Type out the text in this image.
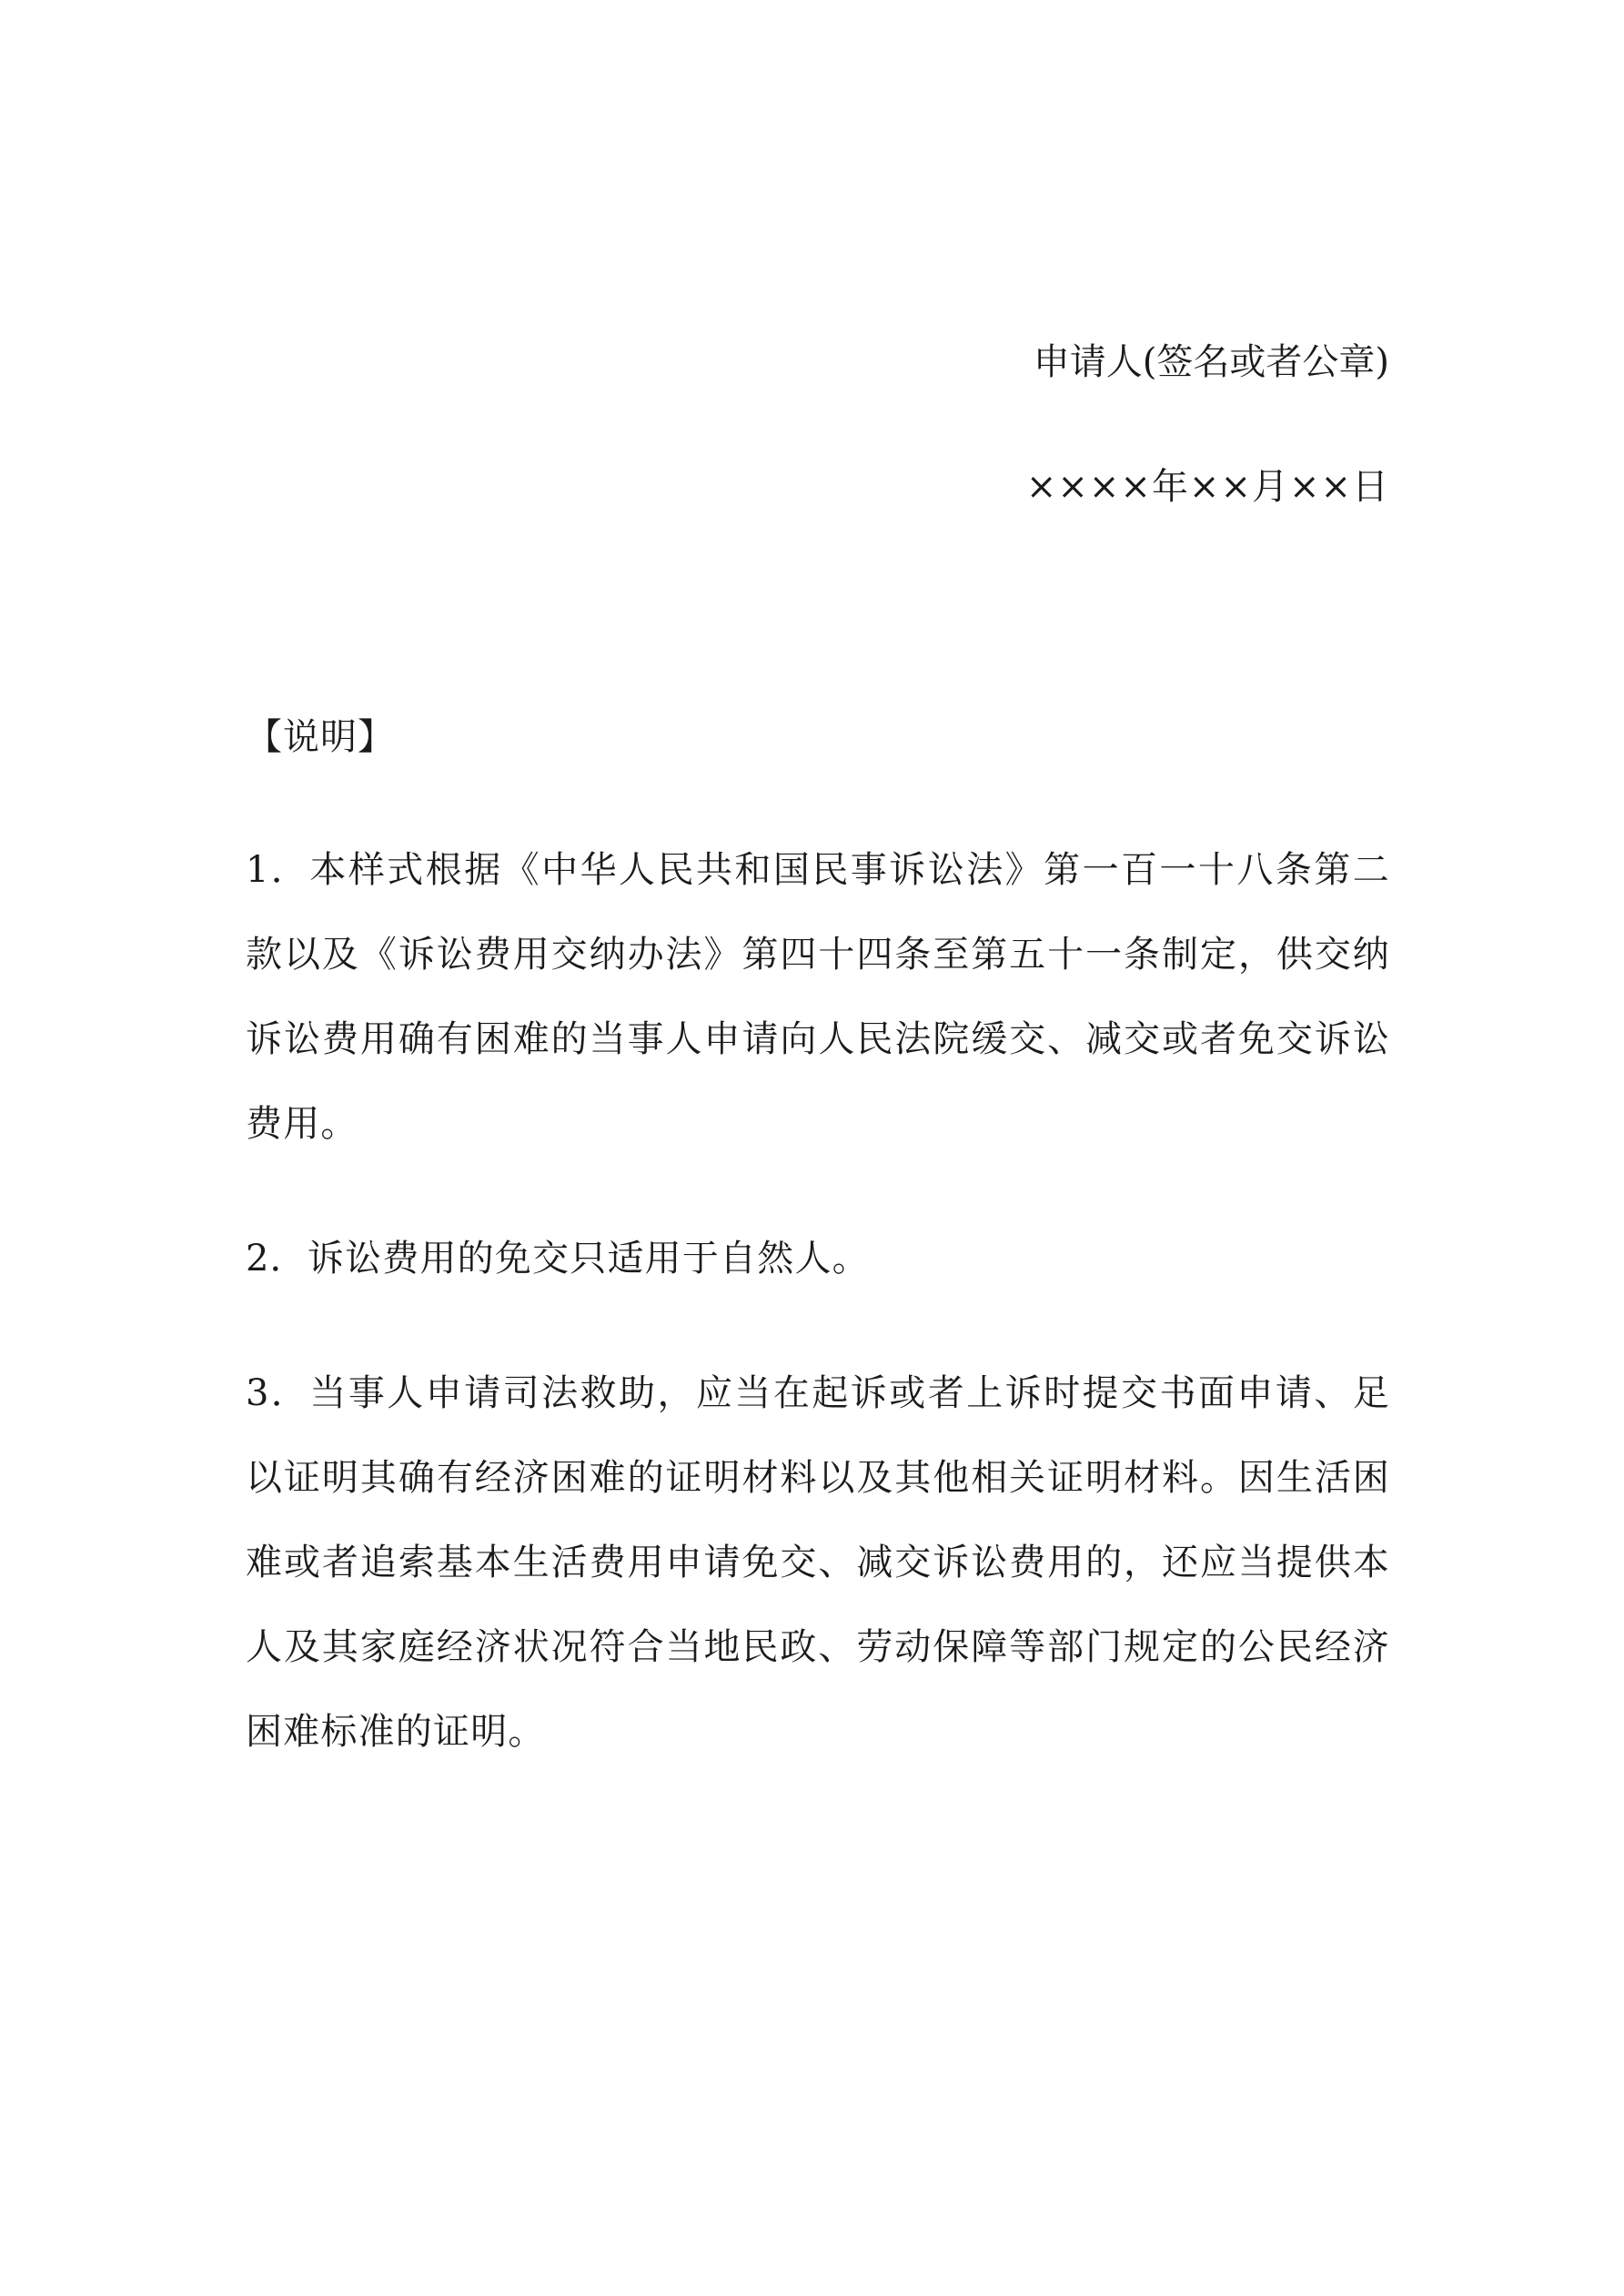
申请人(签名或者公章)
××××年××月××日

【说明】

1．本样式根据《中华人民共和国民事诉讼法》第一百一十八条第二款以及《诉讼费用交纳办法》第四十四条至第五十一条制定，供交纳诉讼费用确有困难的当事人申请向人民法院缓交、减交或者免交诉讼费用。

2．诉讼费用的免交只适用于自然人。

3．当事人申请司法救助，应当在起诉或者上诉时提交书面申请、足以证明其确有经济困难的证明材料以及其他相关证明材料。因生活困难或者追索基本生活费用申请免交、减交诉讼费用的，还应当提供本人及其家庭经济状况符合当地民政、劳动保障等部门规定的公民经济困难标准的证明。
